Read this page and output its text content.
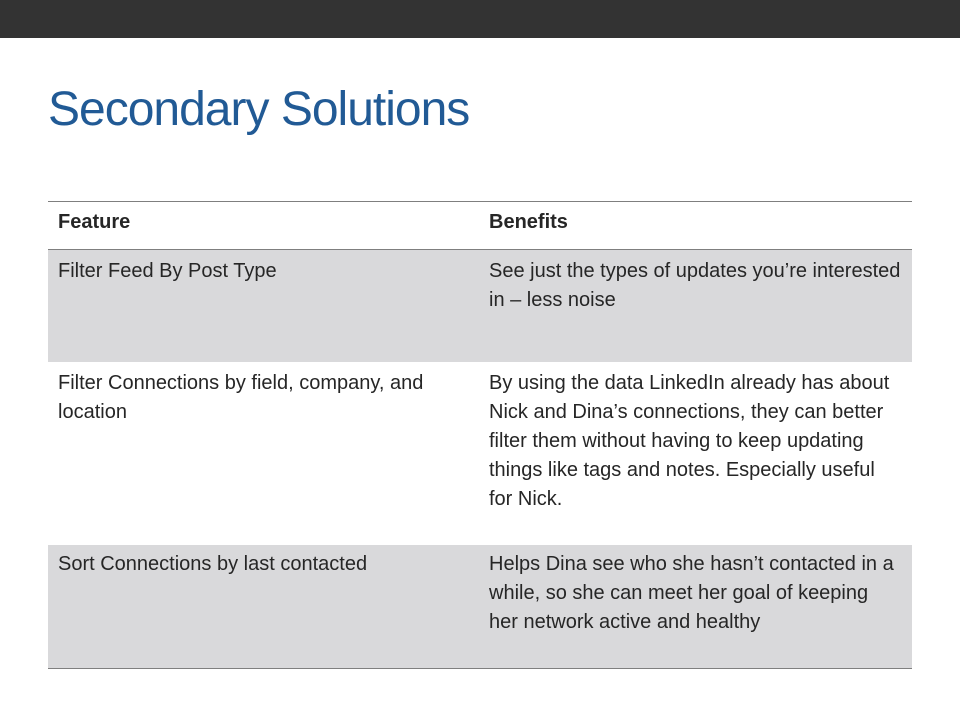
Secondary Solutions
Feature	Benefits
Filter Feed By Post Type	See just the types of updates you’re interested in – less noise
Filter Connections by field, company, and location	By using the data LinkedIn already has about Nick and Dina’s connections, they can better filter them without having to keep updating things like tags and notes. Especially useful for Nick.
Sort Connections by last contacted	Helps Dina see who she hasn’t contacted in a while, so she can meet her goal of keeping her network active and healthy
